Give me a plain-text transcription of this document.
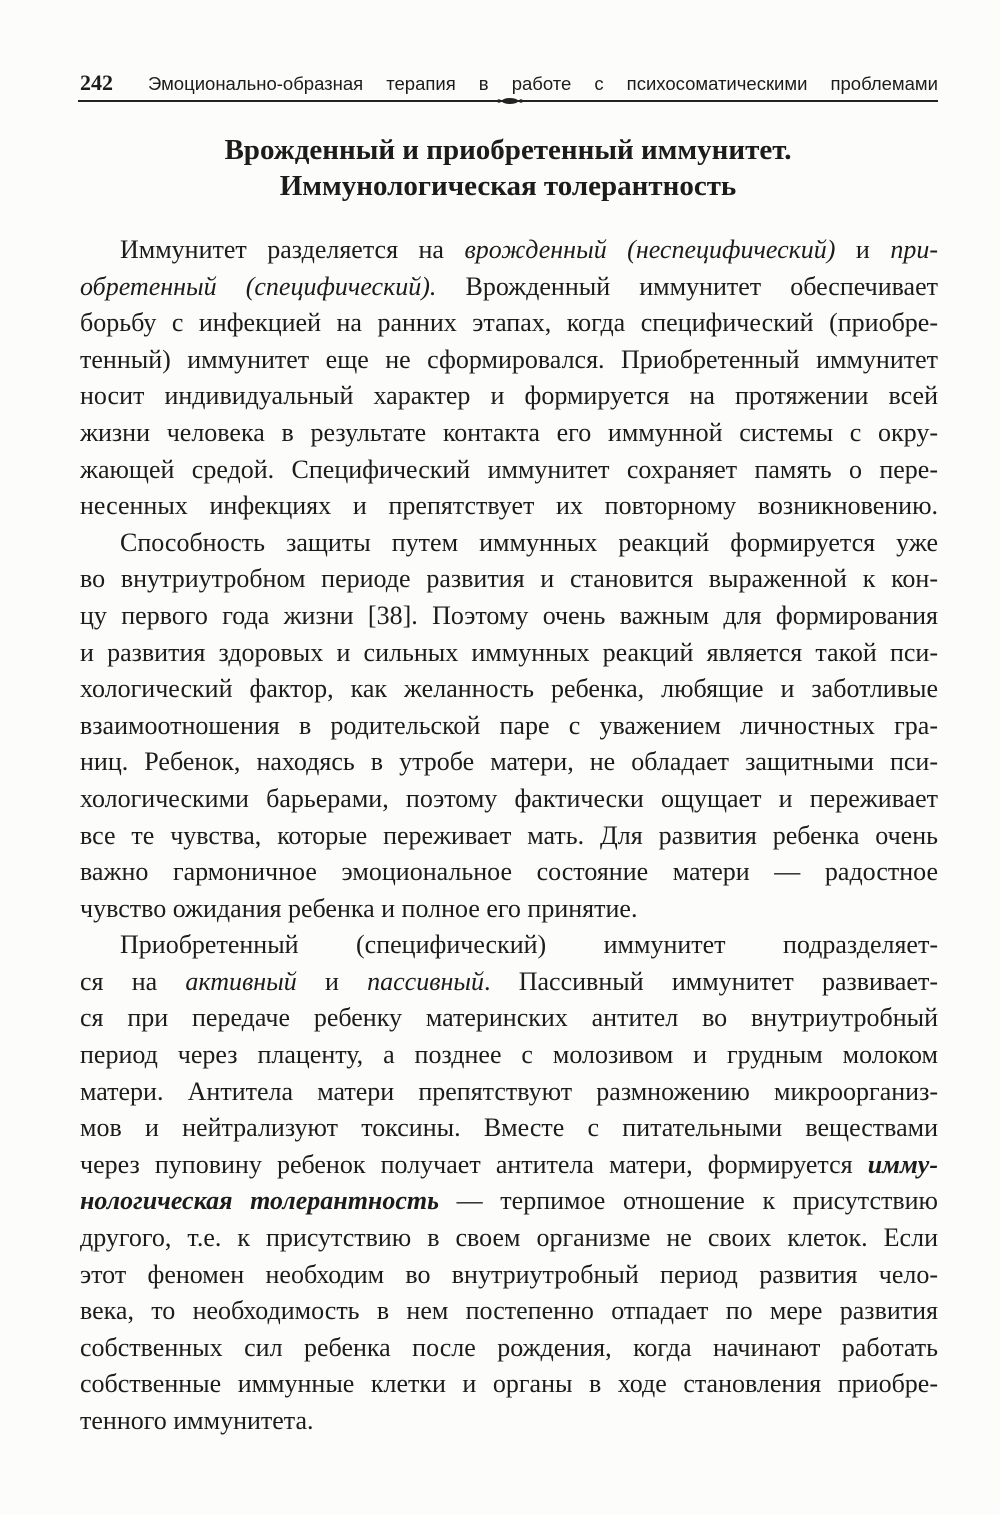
242 Эмоционально-образная терапия в работе с психосоматическими проблемами
Врожденный и приобретенный иммунитет.
Иммунологическая толерантность
Иммунитет разделяется на врожденный (неспецифический) и при-
обретенный (специфический). Врожденный иммунитет обеспечивает
борьбу с инфекцией на ранних этапах, когда специфический (приобре-
тенный) иммунитет еще не сформировался. Приобретенный иммунитет
носит индивидуальный характер и формируется на протяжении всей
жизни человека в результате контакта его иммунной системы с окру-
жающей средой. Специфический иммунитет сохраняет память о пере-
несенных инфекциях и препятствует их повторному возникновению.
Способность защиты путем иммунных реакций формируется уже
во внутриутробном периоде развития и становится выраженной к кон-
цу первого года жизни [38]. Поэтому очень важным для формирования
и развития здоровых и сильных иммунных реакций является такой пси-
хологический фактор, как желанность ребенка, любящие и заботливые
взаимоотношения в родительской паре с уважением личностных гра-
ниц. Ребенок, находясь в утробе матери, не обладает защитными пси-
хологическими барьерами, поэтому фактически ощущает и переживает
все те чувства, которые переживает мать. Для развития ребенка очень
важно гармоничное эмоциональное состояние матери — радостное
чувство ожидания ребенка и полное его принятие.
Приобретенный (специфический) иммунитет подразделяет-
ся на активный и пассивный. Пассивный иммунитет развивает-
ся при передаче ребенку материнских антител во внутриутробный
период через плаценту, а позднее с молозивом и грудным молоком
матери. Антитела матери препятствуют размножению микроорганиз-
мов и нейтрализуют токсины. Вместе с питательными веществами
через пуповину ребенок получает антитела матери, формируется имму-
нологическая толерантность — терпимое отношение к присутствию
другого, т.е. к присутствию в своем организме не своих клеток. Если
этот феномен необходим во внутриутробный период развития чело-
века, то необходимость в нем постепенно отпадает по мере развития
собственных сил ребенка после рождения, когда начинают работать
собственные иммунные клетки и органы в ходе становления приобре-
тенного иммунитета.
